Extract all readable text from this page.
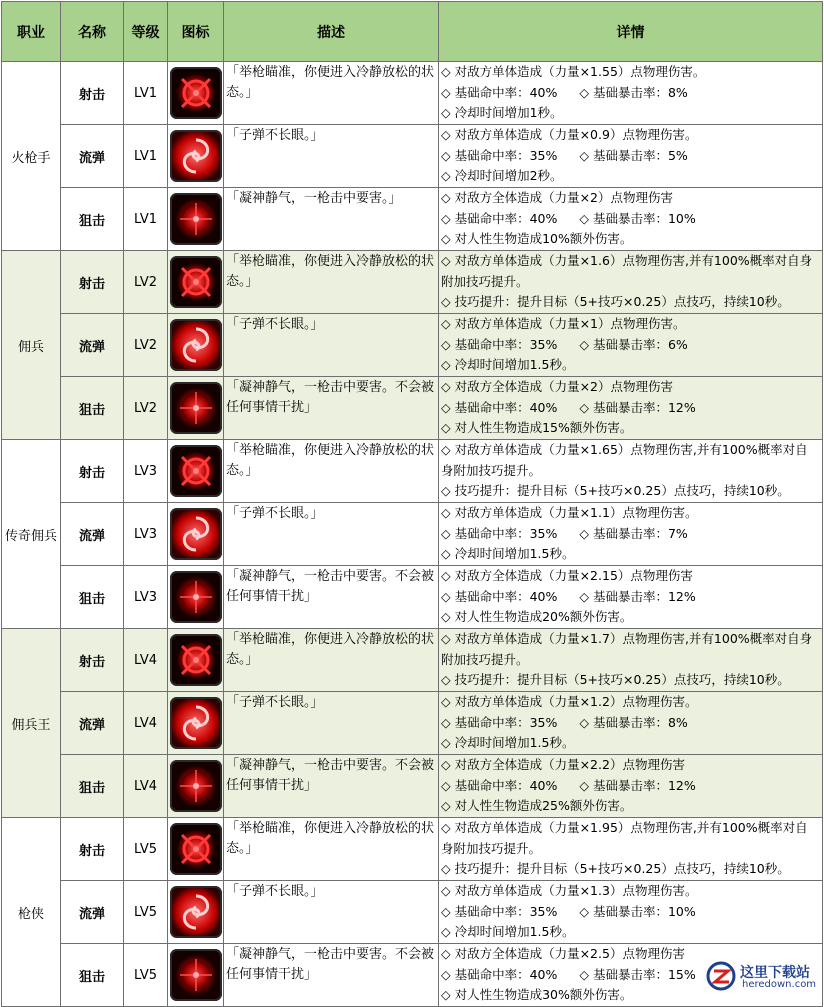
职业	名称	等级	图标	描述	详情
火枪手	射击	LV1		「举枪瞄准，你便进入冷静放松的状态。」	◇ 对敌方单体造成（力量×1.55）点物理伤害。
◇ 基础命中率：40% ◇ 基础暴击率：8%
◇ 冷却时间增加1秒。

	流弹	LV1		「子弹不长眼。」	◇ 对敌方单体造成（力量×0.9）点物理伤害。
◇ 基础命中率：35% ◇ 基础暴击率：5%
◇ 冷却时间增加2秒。

	狙击	LV1		「凝神静气，一枪击中要害。」	◇ 对敌方全体造成（力量×2）点物理伤害
◇ 基础命中率：40% ◇ 基础暴击率：10%
◇ 对人性生物造成10%额外伤害。

佣兵	射击	LV2		「举枪瞄准，你便进入冷静放松的状态。」	◇ 对敌方单体造成（力量×1.6）点物理伤害,并有100%概率对自身
附加技巧提升。
◇ 技巧提升：提升目标（5+技巧×0.25）点技巧，持续10秒。

	流弹	LV2		「子弹不长眼。」	◇ 对敌方单体造成（力量×1）点物理伤害。
◇ 基础命中率：35% ◇ 基础暴击率：6%
◇ 冷却时间增加1.5秒。

	狙击	LV2		「凝神静气，一枪击中要害。不会被任何事情干扰」	◇ 对敌方全体造成（力量×2）点物理伤害
◇ 基础命中率：40% ◇ 基础暴击率：12%
◇ 对人性生物造成15%额外伤害。

传奇佣兵	射击	LV3		「举枪瞄准，你便进入冷静放松的状态。」	◇ 对敌方单体造成（力量×1.65）点物理伤害,并有100%概率对自
身附加技巧提升。
◇ 技巧提升：提升目标（5+技巧×0.25）点技巧，持续10秒。

	流弹	LV3		「子弹不长眼。」	◇ 对敌方单体造成（力量×1.1）点物理伤害。
◇ 基础命中率：35% ◇ 基础暴击率：7%
◇ 冷却时间增加1.5秒。

	狙击	LV3		「凝神静气，一枪击中要害。不会被任何事情干扰」	◇ 对敌方全体造成（力量×2.15）点物理伤害
◇ 基础命中率：40% ◇ 基础暴击率：12%
◇ 对人性生物造成20%额外伤害。

佣兵王	射击	LV4		「举枪瞄准，你便进入冷静放松的状态。」	◇ 对敌方单体造成（力量×1.7）点物理伤害,并有100%概率对自身
附加技巧提升。
◇ 技巧提升：提升目标（5+技巧×0.25）点技巧，持续10秒。

	流弹	LV4		「子弹不长眼。」	◇ 对敌方单体造成（力量×1.2）点物理伤害。
◇ 基础命中率：35% ◇ 基础暴击率：8%
◇ 冷却时间增加1.5秒。

	狙击	LV4		「凝神静气，一枪击中要害。不会被任何事情干扰」	◇ 对敌方全体造成（力量×2.2）点物理伤害
◇ 基础命中率：40% ◇ 基础暴击率：12%
◇ 对人性生物造成25%额外伤害。

枪侠	射击	LV5		「举枪瞄准，你便进入冷静放松的状态。」	◇ 对敌方单体造成（力量×1.95）点物理伤害,并有100%概率对自
身附加技巧提升。
◇ 技巧提升：提升目标（5+技巧×0.25）点技巧，持续10秒。

	流弹	LV5		「子弹不长眼。」	◇ 对敌方单体造成（力量×1.3）点物理伤害。
◇ 基础命中率：35% ◇ 基础暴击率：10%
◇ 冷却时间增加1.5秒。

	狙击	LV5		「凝神静气，一枪击中要害。不会被任何事情干扰」	◇ 对敌方全体造成（力量×2.5）点物理伤害
◇ 基础命中率：40% ◇ 基础暴击率：15%
◇ 对人性生物造成30%额外伤害。
这里下载站
heredown.com
